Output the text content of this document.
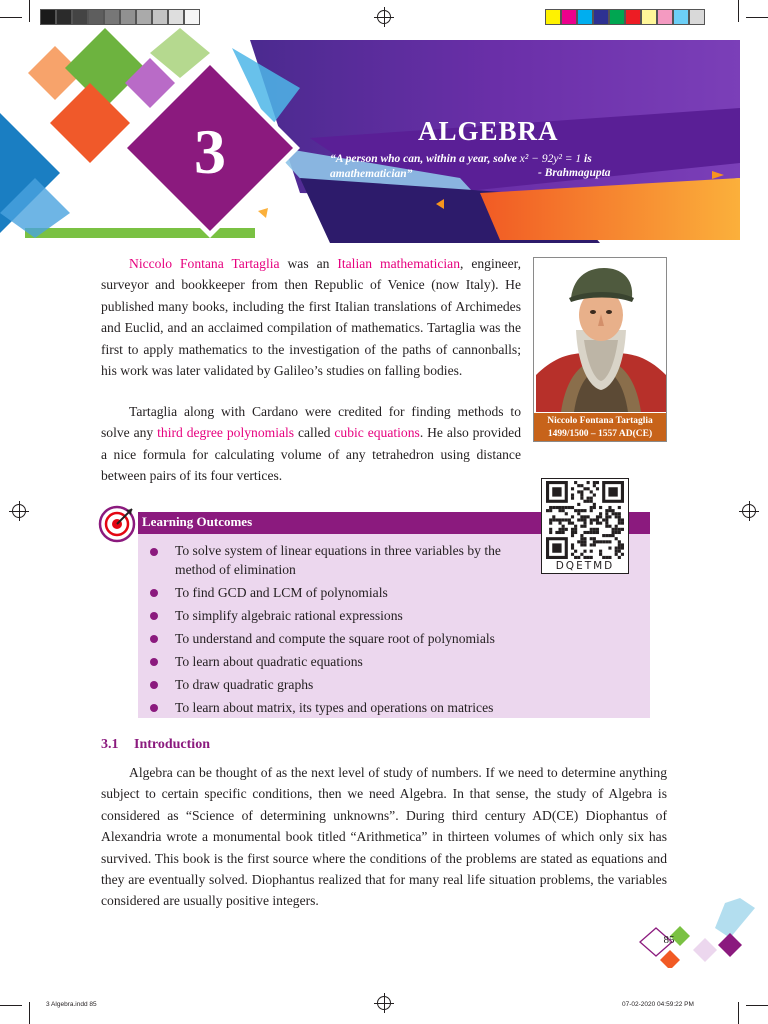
3	ALGEBRA
“A person who can, within a year, solve x² − 92y² = 1 is
amathematician”	- Brahmagupta

Niccolo Fontana Tartaglia was an Italian mathematician, engineer, surveyor and bookkeeper from then Republic of Venice (now Italy). He published many books, including the first Italian translations of Archimedes and Euclid, and an acclaimed compilation of mathematics. Tartaglia was the first to apply mathematics to the investigation of the paths of cannonballs; his work was later validated by Galileo’s studies on falling bodies.

Niccolo Fontana Tartaglia
1499/1500 – 1557 AD(CE)

Tartaglia along with Cardano were credited for finding methods to solve any third degree polynomials called cubic equations. He also provided a nice formula for calculating volume of any tetrahedron using distance between pairs of its four vertices.

Learning Outcomes
To solve system of linear equations in three variables by the method of elimination
To find GCD and LCM of polynomials
To simplify algebraic rational expressions
To understand and compute the square root of polynomials
To learn about quadratic equations
To draw quadratic graphs
To learn about matrix, its types and operations on matrices
DQETMD
3.1 Introduction

Algebra can be thought of as the next level of study of numbers. If we need to determine anything subject to certain specific conditions, then we need Algebra. In that sense, the study of Algebra is considered as “Science of determining unknowns”. During third century AD(CE) Diophantus of Alexandria wrote a monumental book titled “Arithmetica” in thirteen volumes of which only six has survived. This book is the first source where the conditions of the problems are stated as equations and they are eventually solved. Diophantus realized that for many real life situation problems, the variables considered are usually positive integers.

85
3 Algebra.indd 85	07-02-2020 04:59:22 PM
